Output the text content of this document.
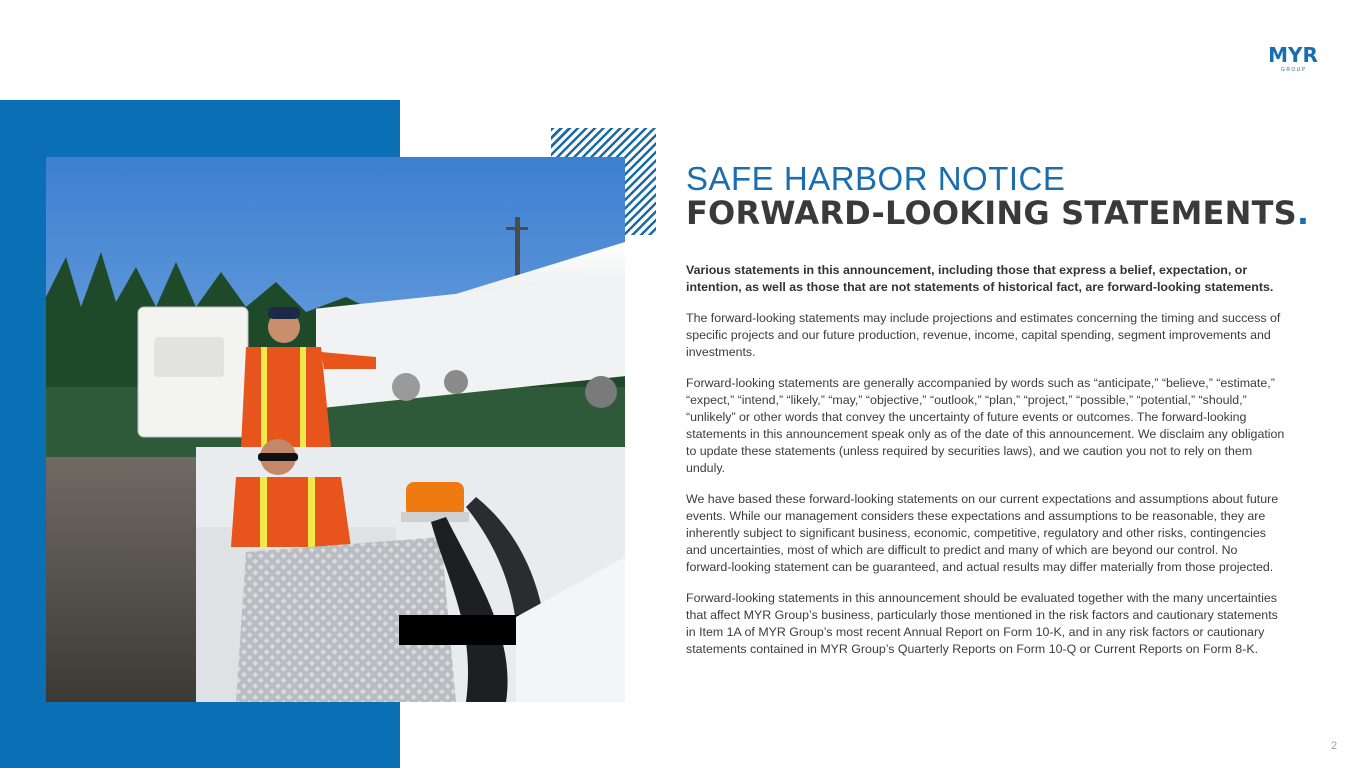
MYR
G R O U P
SAFE HARBOR NOTICE
FORWARD-LOOKING STATEMENTS.

Various statements in this announcement, including those that express a belief, expectation, or intention, as well as those that are not statements of historical fact, are forward-looking statements.

The forward-looking statements may include projections and estimates concerning the timing and success of specific projects and our future production, revenue, income, capital spending, segment improvements and investments.

Forward-looking statements are generally accompanied by words such as “anticipate,” “believe,” “estimate,” “expect,” “intend,” “likely,” “may,” “objective,” “outlook,” “plan,” “project,” “possible,” “potential,” “should,” “unlikely” or other words that convey the uncertainty of future events or outcomes. The forward-looking statements in this announcement speak only as of the date of this announcement. We disclaim any obligation to update these statements (unless required by securities laws), and we caution you not to rely on them unduly.

We have based these forward-looking statements on our current expectations and assumptions about future events. While our management considers these expectations and assumptions to be reasonable, they are inherently subject to significant business, economic, competitive, regulatory and other risks, contingencies and uncertainties, most of which are difficult to predict and many of which are beyond our control. No forward-looking statement can be guaranteed, and actual results may differ materially from those projected.

Forward-looking statements in this announcement should be evaluated together with the many uncertainties that affect MYR Group’s business, particularly those mentioned in the risk factors and cautionary statements in Item 1A of MYR Group’s most recent Annual Report on Form 10-K, and in any risk factors or cautionary statements contained in MYR Group’s Quarterly Reports on Form 10-Q or Current Reports on Form 8-K.

2
